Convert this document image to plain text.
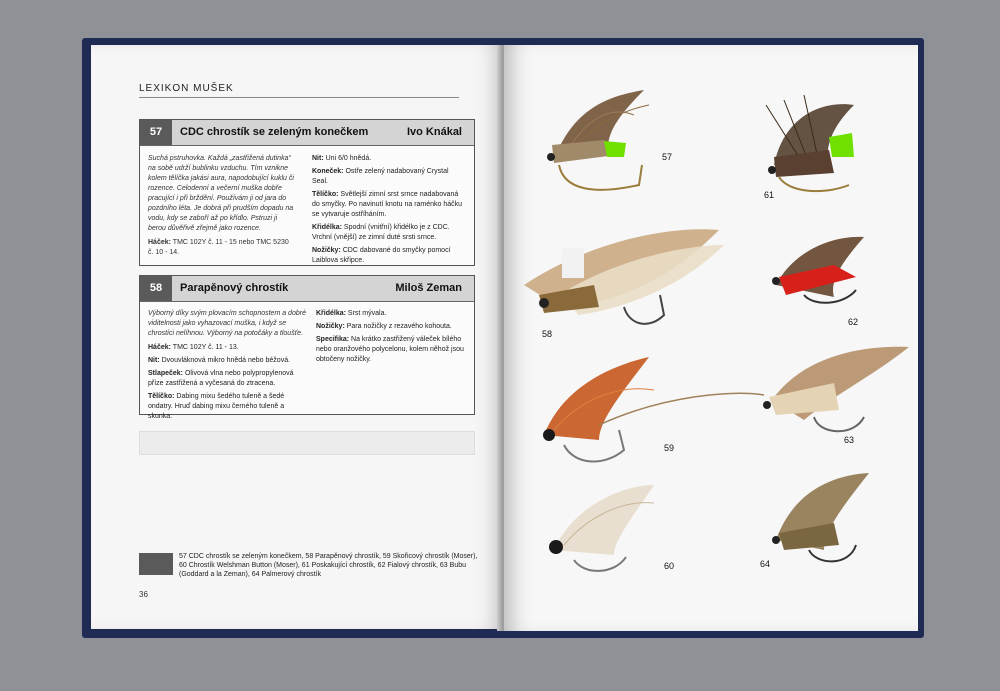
LEXIKON MUŠEK
57	CDC chrostík se zeleným konečkem	Ivo Knákal

Suchá pstruhovka. Každá „zastřižená dutinka“ na sobě udrží bublinku vzduchu. Tím vznikne kolem tělíčka jakási aura, napodobující kuklu či rozence. Celodenní a večerní muška dobře pracující i při brždění. Používám ji od jara do pozdního léta. Je dobrá při prudším dopadu na vodu, kdy se zaboří až po křídlo. Pstruzi ji berou důvěřivě zřejmě jako rozence.

Háček: TMC 102Y č. 11 - 15 nebo TMC 5230 č. 10 - 14.

Nit: Uni 6/0 hnědá.

Koneček: Ostře zelený nadabovaný Crystal Seal.

Tělíčko: Světlejší zimní srst srnce nadabovaná do smyčky. Po navinutí knotu na raménko háčku se vytvaruje ostříháním.

Křidélka: Spodní (vnitřní) křidélko je z CDC. Vrchní (vnější) ze zimní duté srsti srnce.

Nožičky: CDC dabované do smyčky pomocí Laiblova skřipce.

58	Parapěnový chrostík	Miloš Zeman

Výborný díky svým plovacím schopnostem a dobré viditelnosti jako vyhazovací muška, i když se chrostíci nelíhnou. Výborný na potočáky a tloušťe.

Háček: TMC 102Y č. 11 - 13.

Nit: Dvouvláknová mikro hnědá nebo béžová.

Stlapeček: Olivová vlna nebo polypropylenová příze zastřižená a vyčesaná do ztracena.

Tělíčko: Dabing mixu šedého tuleně a šedé ondatry. Hruď dabing mixu černého tuleně a skunka.

Křidélka: Srst mývala.

Nožičky: Para nožičky z rezavého kohouta.

Specifika: Na krátko zastřižený váleček bílého nebo oranžového polycelonu, kolem něhož jsou obtočeny nožičky.

57 CDC chrostík se zeleným konečkem, 58 Parapěnový chrostík, 59 Skořicový chrostík (Moser), 60 Chrostík Welshman Button (Moser), 61 Poskakující chrostík, 62 Fialový chrostík, 63 Bubu (Goddard a la Zeman), 64 Palmerový chrostík
36
57
58
59
60
61
62
63
64
